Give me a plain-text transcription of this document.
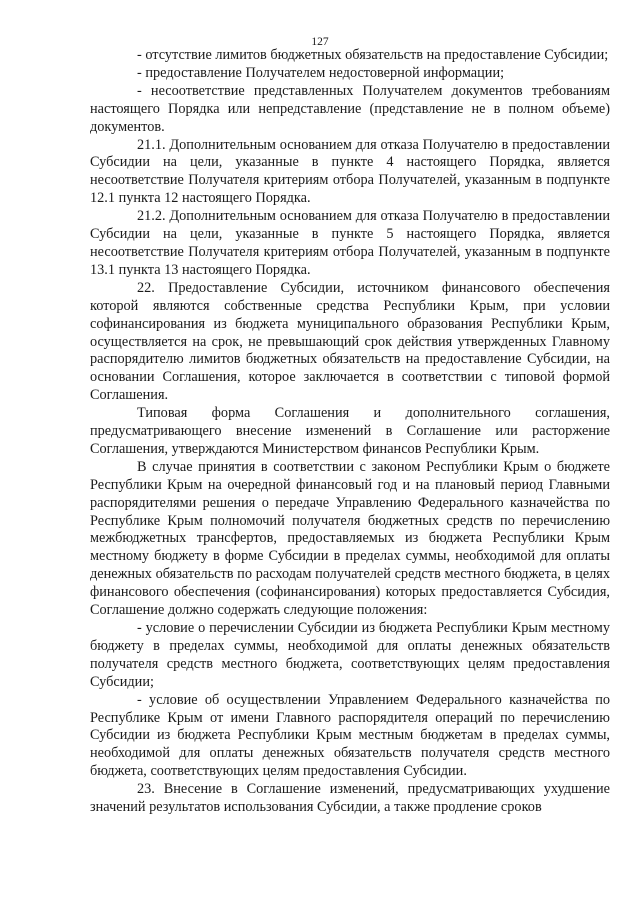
127

- отсутствие лимитов бюджетных обязательств на предоставление Субсидии;

- предоставление Получателем недостоверной информации;

- несоответствие представленных Получателем документов требованиям настоящего Порядка или непредставление (представление не в полном объеме) документов.

21.1. Дополнительным основанием для отказа Получателю в предоставлении Субсидии на цели, указанные в пункте 4 настоящего Порядка, является несоответствие Получателя критериям отбора Получателей, указанным в подпункте 12.1 пункта 12 настоящего Порядка.

21.2. Дополнительным основанием для отказа Получателю в предоставлении Субсидии на цели, указанные в пункте 5 настоящего Порядка, является несоответствие Получателя критериям отбора Получателей, указанным в подпункте 13.1 пункта 13 настоящего Порядка.

22. Предоставление Субсидии, источником финансового обеспечения которой являются собственные средства Республики Крым, при условии софинансирования из бюджета муниципального образования Республики Крым, осуществляется на срок, не превышающий срок действия утвержденных Главному распорядителю лимитов бюджетных обязательств на предоставление Субсидии, на основании Соглашения, которое заключается в соответствии с типовой формой Соглашения.

Типовая форма Соглашения и дополнительного соглашения, предусматривающего внесение изменений в Соглашение или расторжение Соглашения, утверждаются Министерством финансов Республики Крым.

В случае принятия в соответствии с законом Республики Крым о бюджете Республики Крым на очередной финансовый год и на плановый период Главными распорядителями решения о передаче Управлению Федерального казначейства по Республике Крым полномочий получателя бюджетных средств по перечислению межбюджетных трансфертов, предоставляемых из бюджета Республики Крым местному бюджету в форме Субсидии в пределах суммы, необходимой для оплаты денежных обязательств по расходам получателей средств местного бюджета, в целях финансового обеспечения (софинансирования) которых предоставляется Субсидия, Соглашение должно содержать следующие положения:

- условие о перечислении Субсидии из бюджета Республики Крым местному бюджету в пределах суммы, необходимой для оплаты денежных обязательств получателя средств местного бюджета, соответствующих целям предоставления Субсидии;

- условие об осуществлении Управлением Федерального казначейства по Республике Крым от имени Главного распорядителя операций по перечислению Субсидии из бюджета Республики Крым местным бюджетам в пределах суммы, необходимой для оплаты денежных обязательств получателя средств местного бюджета, соответствующих целям предоставления Субсидии.

23. Внесение в Соглашение изменений, предусматривающих ухудшение значений результатов использования Субсидии, а также продление сроков
